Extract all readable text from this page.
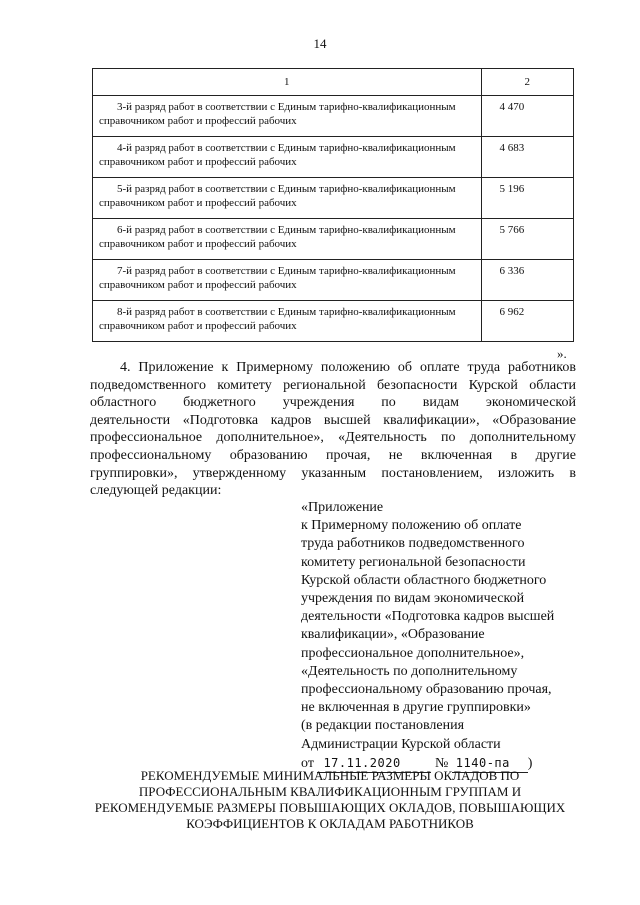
14
1	2

3-й разряд работ в соответствии с Единым тарифно-квалификационным справочником работ и профессий рабочих	4 470

4-й разряд работ в соответствии с Единым тарифно-квалификационным справочником работ и профессий рабочих	4 683

5-й разряд работ в соответствии с Единым тарифно-квалификационным справочником работ и профессий рабочих	5 196

6-й разряд работ в соответствии с Единым тарифно-квалификационным справочником работ и профессий рабочих	5 766

7-й разряд работ в соответствии с Единым тарифно-квалификационным справочником работ и профессий рабочих	6 336

8-й разряд работ в соответствии с Единым тарифно-квалификационным справочником работ и профессий рабочих	6 962
».
4. Приложение к Примерному положению об оплате труда работников
подведомственного комитету региональной безопасности Курской области
областного бюджетного учреждения по видам экономической
деятельности «Подготовка кадров высшей квалификации», «Образование
профессиональное дополнительное», «Деятельность по дополнительному
профессиональному образованию прочая, не включенная в другие
группировки», утвержденному указанным постановлением, изложить в
следующей редакции:
«Приложение
к Примерному положению об оплате
труда работников подведомственного
комитету региональной безопасности
Курской области областного бюджетного
учреждения по видам экономической
деятельности «Подготовка кадров высшей
квалификации», «Образование
профессиональное дополнительное»,
«Деятельность по дополнительному
профессиональному образованию прочая,
не включенная в другие группировки»
(в редакции постановления
Администрации Курской области
от 17.11.2020 № 1140-па )
РЕКОМЕНДУЕМЫЕ МИНИМАЛЬНЫЕ РАЗМЕРЫ ОКЛАДОВ ПО
ПРОФЕССИОНАЛЬНЫМ КВАЛИФИКАЦИОННЫМ ГРУППАМ И
РЕКОМЕНДУЕМЫЕ РАЗМЕРЫ ПОВЫШАЮЩИХ ОКЛАДОВ, ПОВЫШАЮЩИХ
КОЭФФИЦИЕНТОВ К ОКЛАДАМ РАБОТНИКОВ
